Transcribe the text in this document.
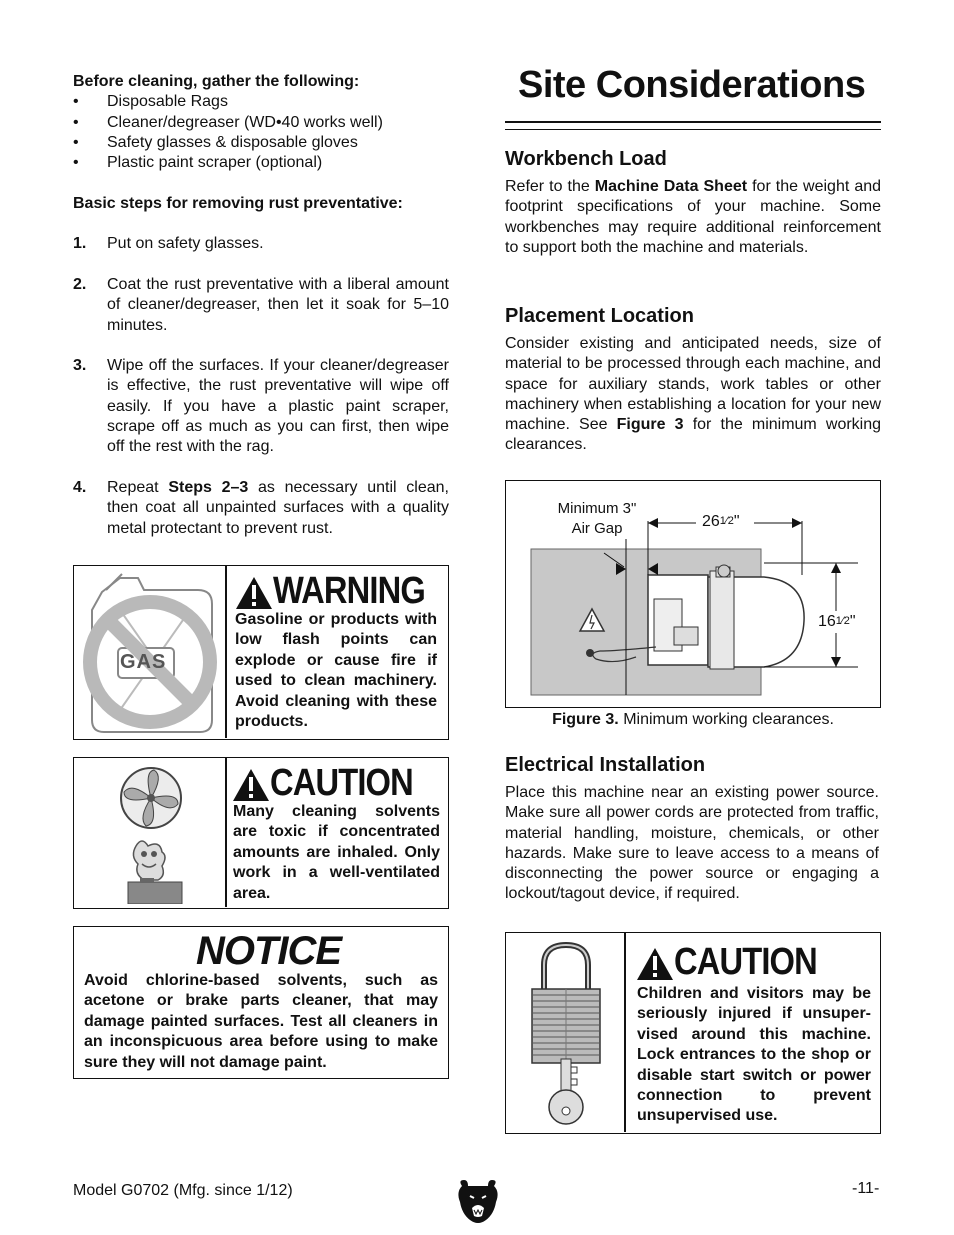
Before cleaning, gather the following:
• Disposable Rags
• Cleaner/degreaser (WD•40 works well)
• Safety glasses & disposable gloves
• Plastic paint scraper (optional)
Basic steps for removing rust preventative:
1. Put on safety glasses.
2. Coat the rust preventative with a liberal amount of cleaner/degreaser, then let it soak for 5–10 minutes.
3. Wipe off the surfaces. If your cleaner/degreaser is effective, the rust preventative will wipe off easily. If you have a plastic paint scraper, scrape off as much as you can first, then wipe off the rest with the rag.
4. Repeat Steps 2–3 as necessary until clean, then coat all unpainted surfaces with a quality metal protectant to prevent rust.
GAS
WARNING
Gasoline or products with low flash points can explode or cause fire if used to clean machinery. Avoid cleaning with these products.
CAUTION
Many cleaning solvents are toxic if concentrated amounts are inhaled. Only work in a well-ventilated area.
NOTICE
Avoid chlorine-based solvents, such as acetone or brake parts cleaner, that may damage painted surfaces. Test all cleaners in an inconspicuous area before using to make sure they will not damage paint.
Site Considerations
Workbench Load
Refer to the Machine Data Sheet for the weight and footprint specifications of your machine. Some workbenches may require additional reinforcement to support both the machine and materials.
Placement Location
Consider existing and anticipated needs, size of material to be processed through each machine, and space for auxiliary stands, work tables or other machinery when establishing a location for your new machine. See Figure 3 for the minimum working clearances.
Minimum 3"
Air Gap	261⁄2"
161⁄2"
Figure 3. Minimum working clearances.
Electrical Installation
Place this machine near an existing power source. Make sure all power cords are protected from traffic, material handling, moisture, chemicals, or other hazards. Make sure to leave access to a means of disconnecting the power source or engaging a lockout/tagout device, if required.
CAUTION
Children and visitors may be seriously injured if unsupervised around this machine. Lock entrances to the shop or disable start switch or power connection to prevent unsupervised use.
Model G0702 (Mfg. since 1/12)	-11-
